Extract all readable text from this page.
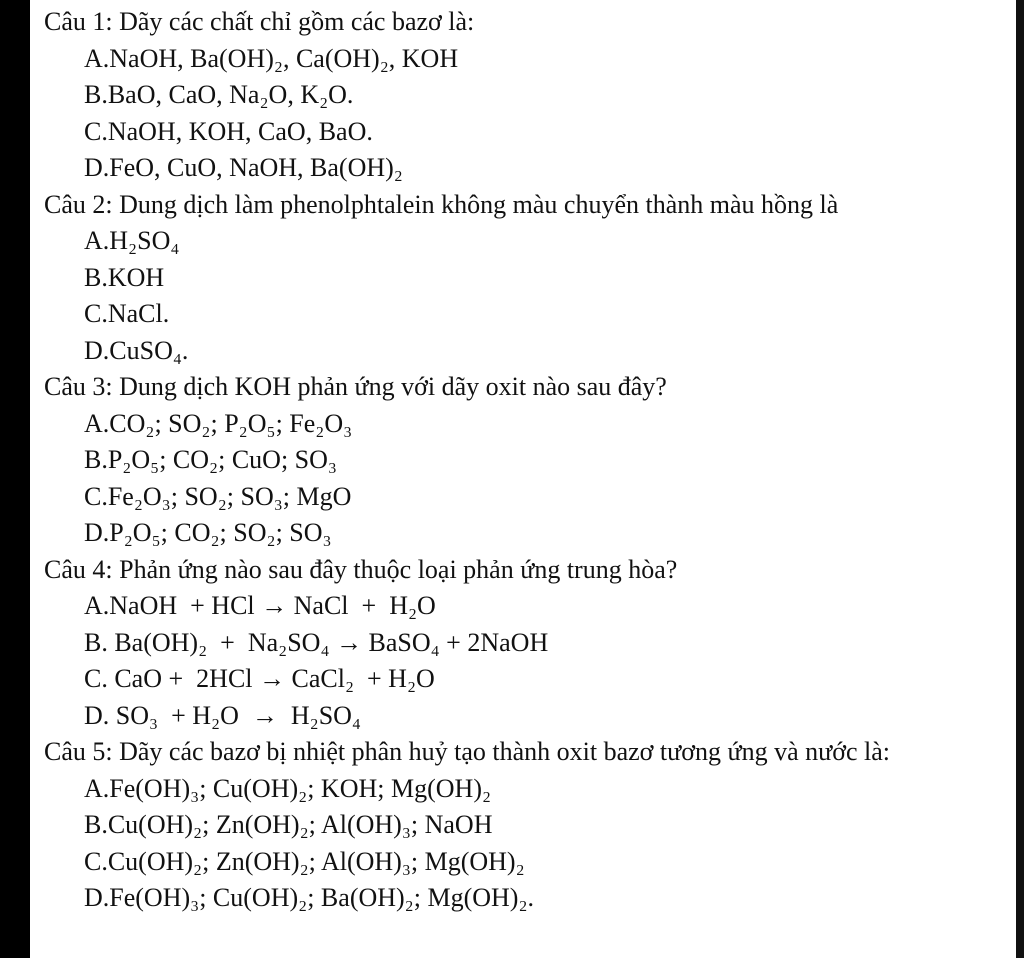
Câu 1: Dãy các chất chỉ gồm các bazơ là:
A.NaOH, Ba(OH)₂, Ca(OH)₂, KOH
B.BaO, CaO, Na₂O, K₂O.
C.NaOH, KOH, CaO, BaO.
D.FeO, CuO, NaOH, Ba(OH)₂
Câu 2: Dung dịch làm phenolphtalein không màu chuyển thành màu hồng là
A.H₂SO₄
B.KOH
C.NaCl.
D.CuSO₄.
Câu 3: Dung dịch KOH phản ứng với dãy oxit nào sau đây?
A.CO₂; SO₂; P₂O₅; Fe₂O₃
B.P₂O₅; CO₂; CuO; SO₃
C.Fe₂O₃; SO₂; SO₃; MgO
D.P₂O₅; CO₂; SO₂; SO₃
Câu 4: Phản ứng nào sau đây thuộc loại phản ứng trung hòa?
A.NaOH  + HCl → NaCl  +  H₂O
B. Ba(OH)₂  +  Na₂SO₄ → BaSO₄ + 2NaOH
C. CaO +  2HCl → CaCl₂  + H₂O
D. SO₃  + H₂O  →  H₂SO₄
Câu 5: Dãy các bazơ bị nhiệt phân huỷ tạo thành oxit bazơ tương ứng và nước là:
A.Fe(OH)₃; Cu(OH)₂; KOH; Mg(OH)₂
B.Cu(OH)₂; Zn(OH)₂; Al(OH)₃; NaOH
C.Cu(OH)₂; Zn(OH)₂; Al(OH)₃; Mg(OH)₂
D.Fe(OH)₃; Cu(OH)₂; Ba(OH)₂; Mg(OH)₂.
